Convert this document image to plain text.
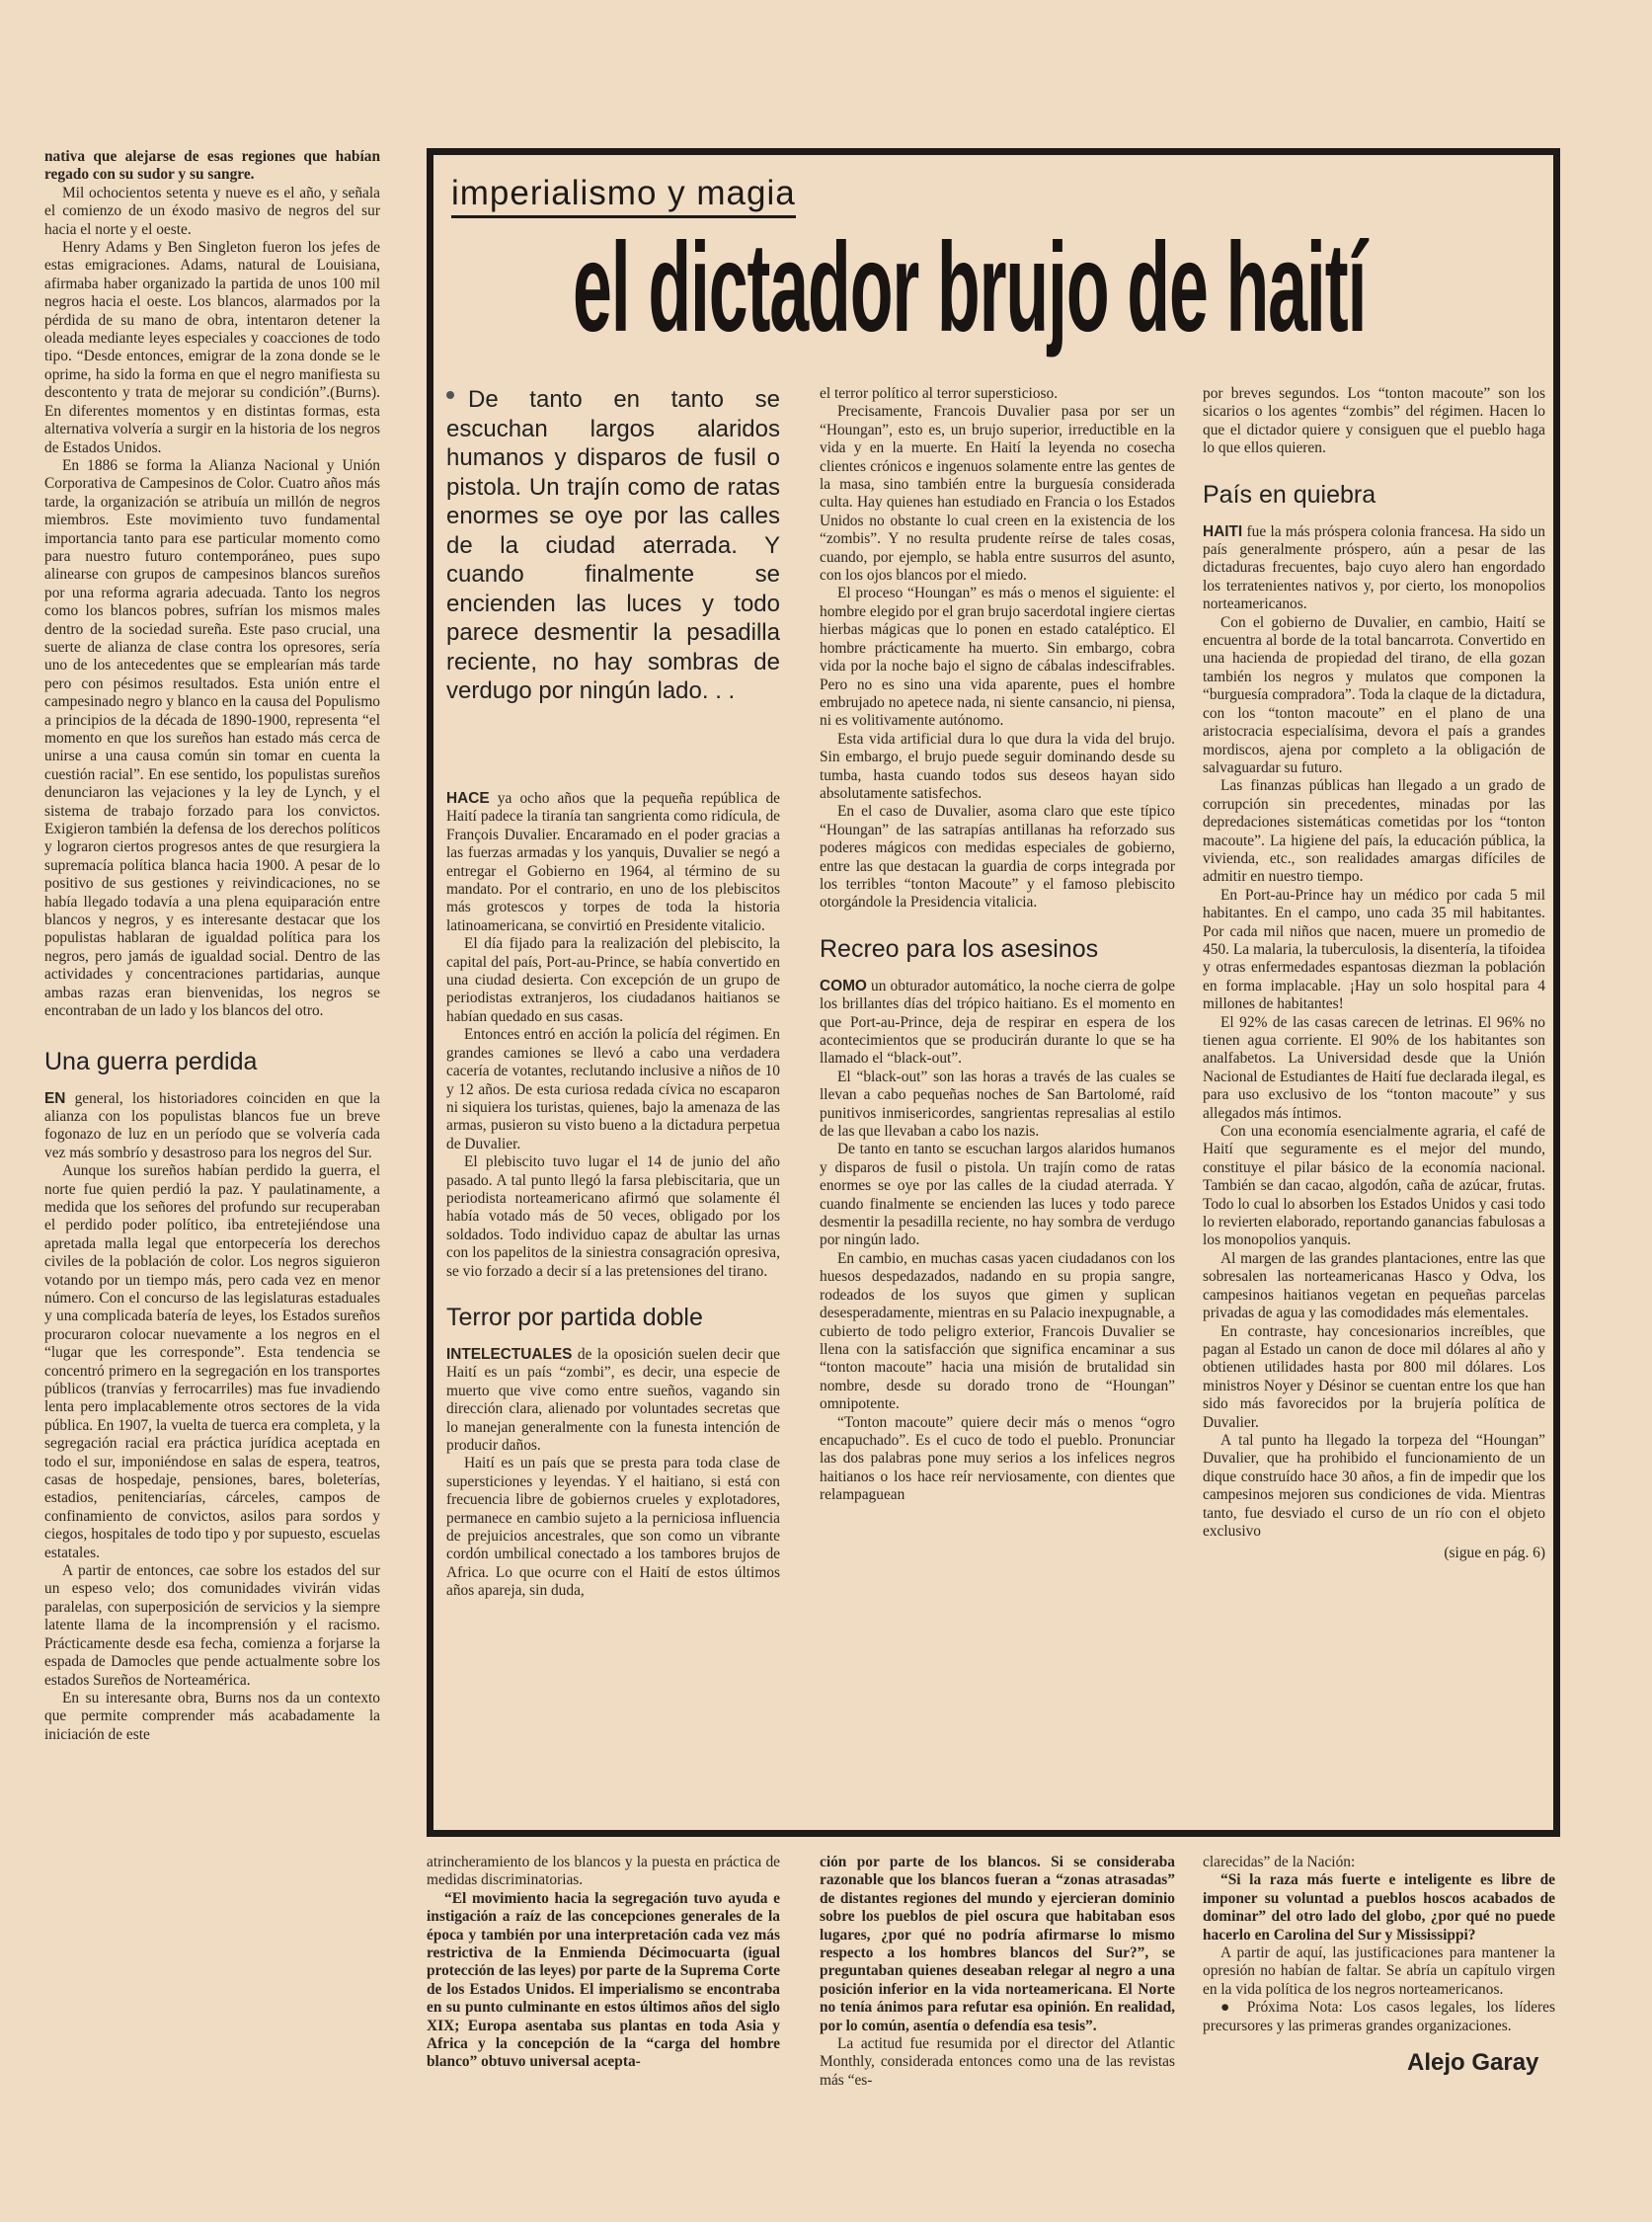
nativa que alejarse de esas regiones que habían regado con su sudor y su sangre.

Mil ochocientos setenta y nueve es el año, y señala el comienzo de un éxodo masivo de negros del sur hacia el norte y el oeste.

Henry Adams y Ben Singleton fueron los jefes de estas emigraciones. Adams, natural de Louisiana, afirmaba haber organizado la partida de unos 100 mil negros hacia el oeste. Los blancos, alarmados por la pérdida de su mano de obra, intentaron detener la oleada mediante leyes especiales y coacciones de todo tipo. “Desde entonces, emigrar de la zona donde se le oprime, ha sido la forma en que el negro manifiesta su descontento y trata de mejorar su condición”.(Burns). En diferentes momentos y en distintas formas, esta alternativa volvería a surgir en la historia de los negros de Estados Unidos.

En 1886 se forma la Alianza Nacional y Unión Corporativa de Campesinos de Color. Cuatro años más tarde, la organización se atribuía un millón de negros miembros. Este movimiento tuvo fundamental importancia tanto para ese particular momento como para nuestro futuro contemporáneo, pues supo alinearse con grupos de campesinos blancos sureños por una reforma agraria adecuada. Tanto los negros como los blancos pobres, sufrían los mismos males dentro de la sociedad sureña. Este paso crucial, una suerte de alianza de clase contra los opresores, sería uno de los antecedentes que se emplearían más tarde pero con pésimos resultados. Esta unión entre el campesinado negro y blanco en la causa del Populismo a principios de la década de 1890-1900, representa “el momento en que los sureños han estado más cerca de unirse a una causa común sin tomar en cuenta la cuestión racial”. En ese sentido, los populistas sureños denunciaron las vejaciones y la ley de Lynch, y el sistema de trabajo forzado para los convictos. Exigieron también la defensa de los derechos políticos y lograron ciertos progresos antes de que resurgiera la supremacía política blanca hacia 1900. A pesar de lo positivo de sus gestiones y reivindicaciones, no se había llegado todavía a una plena equiparación entre blancos y negros, y es interesante destacar que los populistas hablaran de igualdad política para los negros, pero jamás de igualdad social. Dentro de las actividades y concentraciones partidarias, aunque ambas razas eran bienvenidas, los negros se encontraban de un lado y los blancos del otro.

Una guerra perdida

EN general, los historiadores coinciden en que la alianza con los populistas blancos fue un breve fogonazo de luz en un período que se volvería cada vez más sombrío y desastroso para los negros del Sur.

Aunque los sureños habían perdido la guerra, el norte fue quien perdió la paz. Y paulatinamente, a medida que los señores del profundo sur recuperaban el perdido poder político, iba entretejiéndose una apretada malla legal que entorpecería los derechos civiles de la población de color. Los negros siguieron votando por un tiempo más, pero cada vez en menor número. Con el concurso de las legislaturas estaduales y una complicada batería de leyes, los Estados sureños procuraron colocar nuevamente a los negros en el “lugar que les corresponde”. Esta tendencia se concentró primero en la segregación en los transportes públicos (tranvías y ferrocarriles) mas fue invadiendo lenta pero implacablemente otros sectores de la vida pública. En 1907, la vuelta de tuerca era completa, y la segregación racial era práctica jurídica aceptada en todo el sur, imponiéndose en salas de espera, teatros, casas de hospedaje, pensiones, bares, boleterías, estadios, penitenciarías, cárceles, campos de confinamiento de convictos, asilos para sordos y ciegos, hospitales de todo tipo y por supuesto, escuelas estatales.

A partir de entonces, cae sobre los estados del sur un espeso velo; dos comunidades vivirán vidas paralelas, con superposición de servicios y la siempre latente llama de la incomprensión y el racismo. Prácticamente desde esa fecha, comienza a forjarse la espada de Damocles que pende actualmente sobre los estados Sureños de Norteamérica.

En su interesante obra, Burns nos da un contexto que permite comprender más acabadamente la iniciación de este

imperialismo y magia
el dictador brujo de haití
De tanto en tanto se escuchan largos alaridos humanos y disparos de fusil o pistola. Un trajín como de ratas enormes se oye por las calles de la ciudad aterrada. Y cuando finalmente se encienden las luces y todo parece desmentir la pesadilla reciente, no hay sombras de verdugo por ningún lado. . .

HACE ya ocho años que la pequeña república de Haití padece la tiranía tan sangrienta como ridícula, de François Duvalier. Encaramado en el poder gracias a las fuerzas armadas y los yanquis, Duvalier se negó a entregar el Gobierno en 1964, al término de su mandato. Por el contrario, en uno de los plebiscitos más grotescos y torpes de toda la historia latinoamericana, se convirtió en Presidente vitalicio.

El día fijado para la realización del plebiscito, la capital del país, Port-au-Prince, se había convertido en una ciudad desierta. Con excepción de un grupo de periodistas extranjeros, los ciudadanos haitianos se habían quedado en sus casas.

Entonces entró en acción la policía del régimen. En grandes camiones se llevó a cabo una verdadera cacería de votantes, reclutando inclusive a niños de 10 y 12 años. De esta curiosa redada cívica no escaparon ni siquiera los turistas, quienes, bajo la amenaza de las armas, pusieron su visto bueno a la dictadura perpetua de Duvalier.

El plebiscito tuvo lugar el 14 de junio del año pasado. A tal punto llegó la farsa plebiscitaria, que un periodista norteamericano afirmó que solamente él había votado más de 50 veces, obligado por los soldados. Todo individuo capaz de abultar las urnas con los papelitos de la siniestra consagración opresiva, se vio forzado a decir sí a las pretensiones del tirano.

Terror por partida doble

INTELECTUALES de la oposición suelen decir que Haití es un país “zombi”, es decir, una especie de muerto que vive como entre sueños, vagando sin dirección clara, alienado por voluntades secretas que lo manejan generalmente con la funesta intención de producir daños.

Haití es un país que se presta para toda clase de supersticiones y leyendas. Y el haitiano, si está con frecuencia libre de gobiernos crueles y explotadores, permanece en cambio sujeto a la perniciosa influencia de prejuicios ancestrales, que son como un vibrante cordón umbilical conectado a los tambores brujos de Africa. Lo que ocurre con el Haití de estos últimos años apareja, sin duda,

el terror político al terror supersticioso.

Precisamente, Francois Duvalier pasa por ser un “Houngan”, esto es, un brujo superior, irreductible en la vida y en la muerte. En Haití la leyenda no cosecha clientes crónicos e ingenuos solamente entre las gentes de la masa, sino también entre la burguesía considerada culta. Hay quienes han estudiado en Francia o los Estados Unidos no obstante lo cual creen en la existencia de los “zombis”. Y no resulta prudente reírse de tales cosas, cuando, por ejemplo, se habla entre susurros del asunto, con los ojos blancos por el miedo.

El proceso “Houngan” es más o menos el siguiente: el hombre elegido por el gran brujo sacerdotal ingiere ciertas hierbas mágicas que lo ponen en estado cataléptico. El hombre prácticamente ha muerto. Sin embargo, cobra vida por la noche bajo el signo de cábalas indescifrables. Pero no es sino una vida aparente, pues el hombre embrujado no apetece nada, ni siente cansancio, ni piensa, ni es volitivamente autónomo.

Esta vida artificial dura lo que dura la vida del brujo. Sin embargo, el brujo puede seguir dominando desde su tumba, hasta cuando todos sus deseos hayan sido absolutamente satisfechos.

En el caso de Duvalier, asoma claro que este típico “Houngan” de las satrapías antillanas ha reforzado sus poderes mágicos con medidas especiales de gobierno, entre las que destacan la guardia de corps integrada por los terribles “tonton Macoute” y el famoso plebiscito otorgándole la Presidencia vitalicia.

Recreo para los asesinos

COMO un obturador automático, la noche cierra de golpe los brillantes días del trópico haitiano. Es el momento en que Port-au-Prince, deja de respirar en espera de los acontecimientos que se producirán durante lo que se ha llamado el “black-out”.

El “black-out” son las horas a través de las cuales se llevan a cabo pequeñas noches de San Bartolomé, raíd punitivos inmisericordes, sangrientas represalias al estilo de las que llevaban a cabo los nazis.

De tanto en tanto se escuchan largos alaridos humanos y disparos de fusil o pistola. Un trajín como de ratas enormes se oye por las calles de la ciudad aterrada. Y cuando finalmente se encienden las luces y todo parece desmentir la pesadilla reciente, no hay sombra de verdugo por ningún lado.

En cambio, en muchas casas yacen ciudadanos con los huesos despedazados, nadando en su propia sangre, rodeados de los suyos que gimen y suplican desesperadamente, mientras en su Palacio inexpugnable, a cubierto de todo peligro exterior, Francois Duvalier se llena con la satisfacción que significa encaminar a sus “tonton macoute” hacia una misión de brutalidad sin nombre, desde su dorado trono de “Houngan” omnipotente.

“Tonton macoute” quiere decir más o menos “ogro encapuchado”. Es el cuco de todo el pueblo. Pronunciar las dos palabras pone muy serios a los infelices negros haitianos o los hace reír nerviosamente, con dientes que relampaguean

por breves segundos. Los “tonton macoute” son los sicarios o los agentes “zombis” del régimen. Hacen lo que el dictador quiere y consiguen que el pueblo haga lo que ellos quieren.

País en quiebra

HAITI fue la más próspera colonia francesa. Ha sido un país generalmente próspero, aún a pesar de las dictaduras frecuentes, bajo cuyo alero han engordado los terratenientes nativos y, por cierto, los monopolios norteamericanos.

Con el gobierno de Duvalier, en cambio, Haití se encuentra al borde de la total bancarrota. Convertido en una hacienda de propiedad del tirano, de ella gozan también los negros y mulatos que componen la “burguesía compradora”. Toda la claque de la dictadura, con los “tonton macoute” en el plano de una aristocracia especialísima, devora el país a grandes mordiscos, ajena por completo a la obligación de salvaguardar su futuro.

Las finanzas públicas han llegado a un grado de corrupción sin precedentes, minadas por las depredaciones sistemáticas cometidas por los “tonton macoute”. La higiene del país, la educación pública, la vivienda, etc., son realidades amargas difíciles de admitir en nuestro tiempo.

En Port-au-Prince hay un médico por cada 5 mil habitantes. En el campo, uno cada 35 mil habitantes. Por cada mil niños que nacen, muere un promedio de 450. La malaria, la tuberculosis, la disentería, la tifoidea y otras enfermedades espantosas diezman la población en forma implacable. ¡Hay un solo hospital para 4 millones de habitantes!

El 92% de las casas carecen de letrinas. El 96% no tienen agua corriente. El 90% de los habitantes son analfabetos. La Universidad desde que la Unión Nacional de Estudiantes de Haití fue declarada ilegal, es para uso exclusivo de los “tonton macoute” y sus allegados más íntimos.

Con una economía esencialmente agraria, el café de Haití que seguramente es el mejor del mundo, constituye el pilar básico de la economía nacional. También se dan cacao, algodón, caña de azúcar, frutas. Todo lo cual lo absorben los Estados Unidos y casi todo lo revierten elaborado, reportando ganancias fabulosas a los monopolios yanquis.

Al margen de las grandes plantaciones, entre las que sobresalen las norteamericanas Hasco y Odva, los campesinos haitianos vegetan en pequeñas parcelas privadas de agua y las comodidades más elementales.

En contraste, hay concesionarios increíbles, que pagan al Estado un canon de doce mil dólares al año y obtienen utilidades hasta por 800 mil dólares. Los ministros Noyer y Désinor se cuentan entre los que han sido más favorecidos por la brujería política de Duvalier.

A tal punto ha llegado la torpeza del “Houngan” Duvalier, que ha prohibido el funcionamiento de un dique construído hace 30 años, a fin de impedir que los campesinos mejoren sus condiciones de vida. Mientras tanto, fue desviado el curso de un río con el objeto exclusivo

(sigue en pág. 6)

atrincheramiento de los blancos y la puesta en práctica de medidas discriminatorias.

“El movimiento hacia la segregación tuvo ayuda e instigación a raíz de las concepciones generales de la época y también por una interpretación cada vez más restrictiva de la Enmienda Décimocuarta (igual protección de las leyes) por parte de la Suprema Corte de los Estados Unidos. El imperialismo se encontraba en su punto culminante en estos últimos años del siglo XIX; Europa asentaba sus plantas en toda Asia y Africa y la concepción de la “carga del hombre blanco” obtuvo universal acepta-

ción por parte de los blancos. Si se consideraba razonable que los blancos fueran a “zonas atrasadas” de distantes regiones del mundo y ejercieran dominio sobre los pueblos de piel oscura que habitaban esos lugares, ¿por qué no podría afirmarse lo mismo respecto a los hombres blancos del Sur?”, se preguntaban quienes deseaban relegar al negro a una posición inferior en la vida norteamericana. El Norte no tenía ánimos para refutar esa opinión. En realidad, por lo común, asentía o defendía esa tesis”.

La actitud fue resumida por el director del Atlantic Monthly, considerada entonces como una de las revistas más “es-

clarecidas” de la Nación:

“Si la raza más fuerte e inteligente es libre de imponer su voluntad a pueblos hoscos acabados de dominar” del otro lado del globo, ¿por qué no puede hacerlo en Carolina del Sur y Mississippi?

A partir de aquí, las justificaciones para mantener la opresión no habían de faltar. Se abría un capítulo virgen en la vida política de los negros norteamericanos.

● Próxima Nota: Los casos legales, los líderes precursores y las primeras grandes organizaciones.

Alejo Garay
